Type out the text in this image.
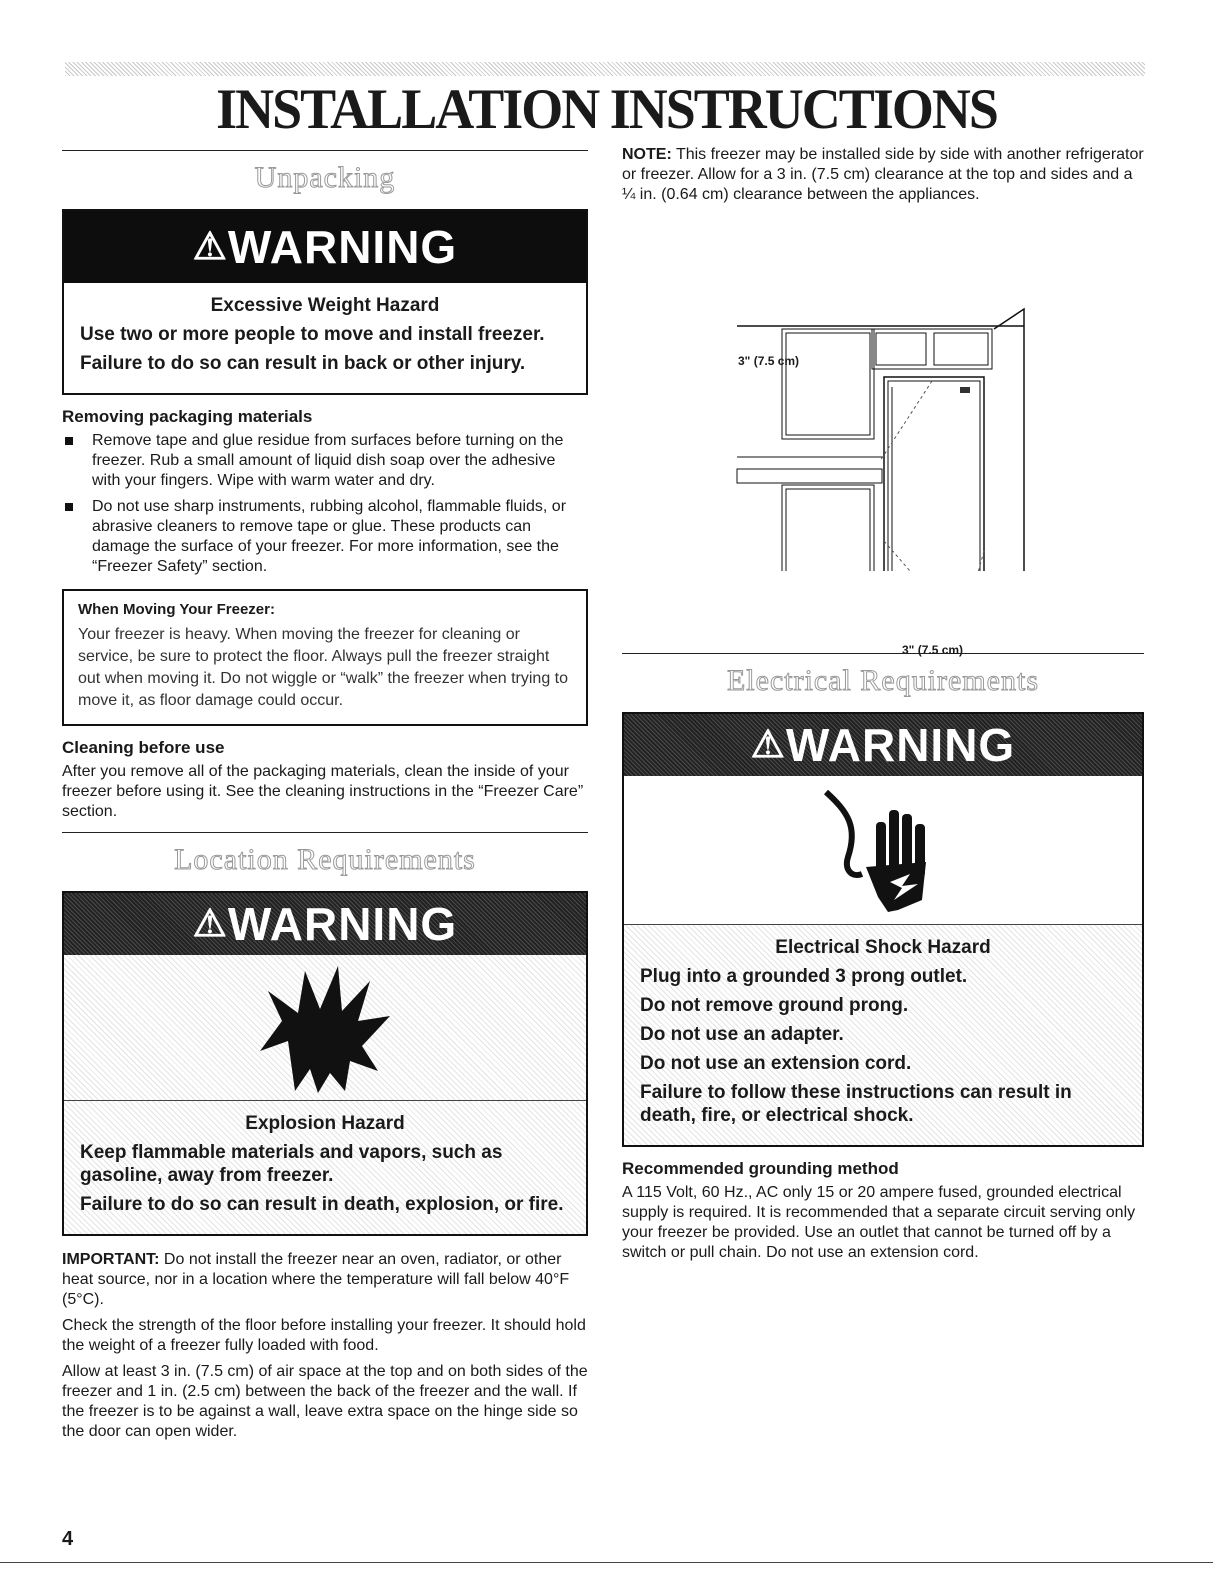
INSTALLATION INSTRUCTIONS
Unpacking
⚠WARNING
Excessive Weight Hazard
Use two or more people to move and install freezer.
Failure to do so can result in back or other injury.
Removing packaging materials
Remove tape and glue residue from surfaces before turning on the freezer. Rub a small amount of liquid dish soap over the adhesive with your fingers. Wipe with warm water and dry.
Do not use sharp instruments, rubbing alcohol, flammable fluids, or abrasive cleaners to remove tape or glue. These products can damage the surface of your freezer. For more information, see the “Freezer Safety” section.
When Moving Your Freezer:
Your freezer is heavy. When moving the freezer for cleaning or service, be sure to protect the floor. Always pull the freezer straight out when moving it. Do not wiggle or “walk” the freezer when trying to move it, as floor damage could occur.
Cleaning before use

After you remove all of the packaging materials, clean the inside of your freezer before using it. See the cleaning instructions in the “Freezer Care” section.

Location Requirements
⚠WARNING
Explosion Hazard
Keep flammable materials and vapors, such as gasoline, away from freezer.
Failure to do so can result in death, explosion, or fire.

IMPORTANT: Do not install the freezer near an oven, radiator, or other heat source, nor in a location where the temperature will fall below 40°F (5°C).

Check the strength of the floor before installing your freezer. It should hold the weight of a freezer fully loaded with food.

Allow at least 3 in. (7.5 cm) of air space at the top and on both sides of the freezer and 1 in. (2.5 cm) between the back of the freezer and the wall. If the freezer is to be against a wall, leave extra space on the hinge side so the door can open wider.

NOTE: This freezer may be installed side by side with another refrigerator or freezer. Allow for a 3 in. (7.5 cm) clearance at the top and sides and a ¼ in. (0.64 cm) clearance between the appliances.

3" (7.5 cm)
3" (7.5 cm)
Electrical Requirements
⚠WARNING
Electrical Shock Hazard
Plug into a grounded 3 prong outlet.
Do not remove ground prong.
Do not use an adapter.
Do not use an extension cord.
Failure to follow these instructions can result in death, fire, or electrical shock.
Recommended grounding method

A 115 Volt, 60 Hz., AC only 15 or 20 ampere fused, grounded electrical supply is required. It is recommended that a separate circuit serving only your freezer be provided. Use an outlet that cannot be turned off by a switch or pull chain. Do not use an extension cord.

4
